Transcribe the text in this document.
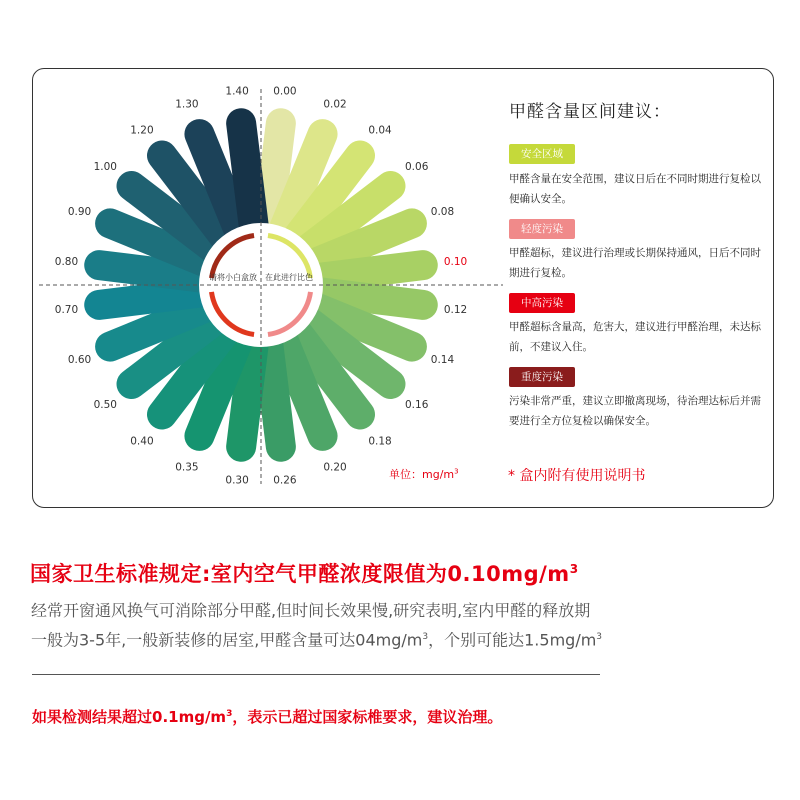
0.00
0.02
0.04
0.06
0.08
0.10
0.12
0.14
0.16
0.18
0.20
0.26
0.30
0.35
0.40
0.50
0.60
0.70
0.80
0.90
1.00
1.20
1.30
1.40
请将小白盒放 在此进行比色
甲醛含量区间建议：
安全区域
甲醛含量在安全范围，建议日后在不同时期进行复检以便确认安全。
轻度污染
甲醛超标，建议进行治理或长期保持通风，日后不同时期进行复检。
中高污染
甲醛超标含量高，危害大，建议进行甲醛治理，未达标前，不建议入住。
重度污染
污染非常严重，建议立即撤离现场，待治理达标后并需要进行全方位复检以确保安全。
* 盒内附有使用说明书
单位：$mg/m^3$
国家卫生标准规定:室内空气甲醛浓度限值为$0.10mg/m^3$
经常开窗通风换气可消除部分甲醛,但时间长效果慢,研究表明,室内甲醛的释放期
一般为3-5年,一般新装修的居室,甲醛含量可达$04mg/m^3$，个别可能达$1.5mg/m^3$
如果检测结果超过$0.1mg/m^3$，表示已超过国家标椎要求，建议治理。
